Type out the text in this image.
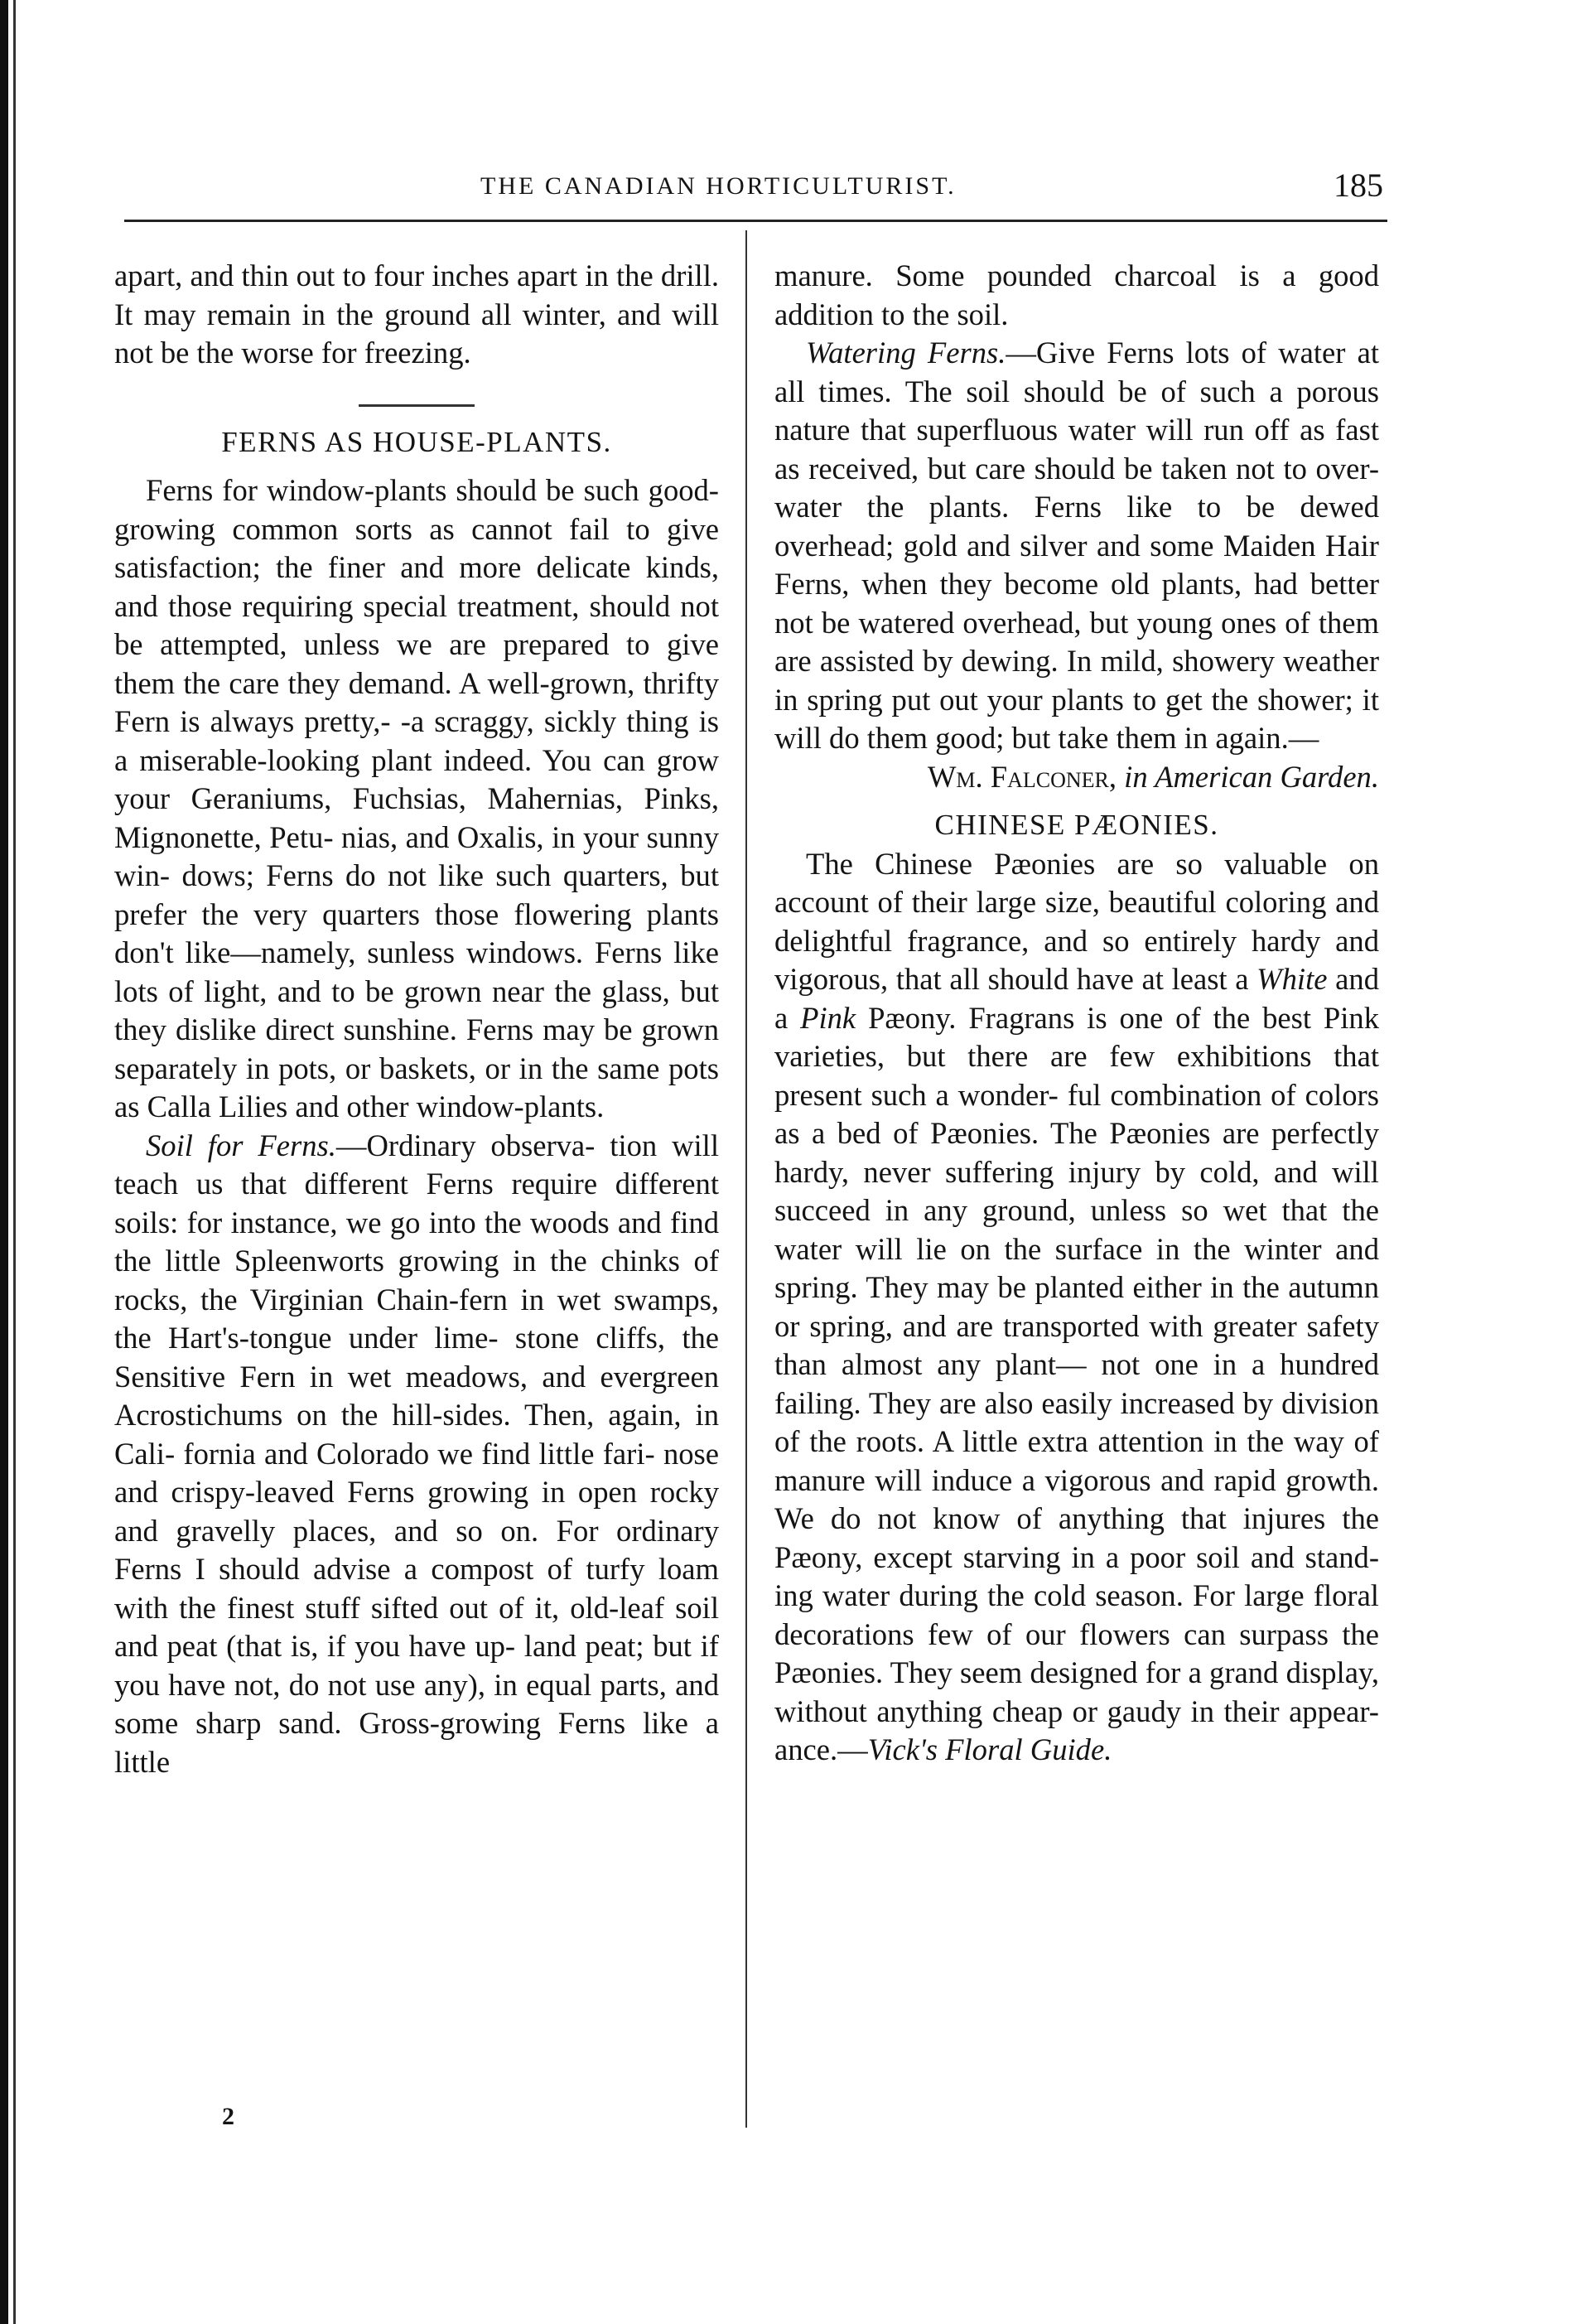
THE CANADIAN HORTICULTURIST.	185

apart, and thin out to four inches apart in the drill. It may remain in the ground all winter, and will not be the worse for freezing.

FERNS AS HOUSE-PLANTS.

Ferns for window-plants should be such good-growing common sorts as cannot fail to give satisfaction; the finer and more delicate kinds, and those requiring special treatment, should not be attempted, unless we are prepared to give them the care they demand. A well-grown, thrifty Fern is always pretty,- -a scraggy, sickly thing is a miserable-looking plant indeed. You can grow your Geraniums, Fuchsias, Mahernias, Pinks, Mignonette, Petu- nias, and Oxalis, in your sunny win- dows; Ferns do not like such quarters, but prefer the very quarters those flowering plants don't like—namely, sunless windows. Ferns like lots of light, and to be grown near the glass, but they dislike direct sunshine. Ferns may be grown separately in pots, or baskets, or in the same pots as Calla Lilies and other window-plants.

Soil for Ferns.—Ordinary observa- tion will teach us that different Ferns require different soils: for instance, we go into the woods and find the little Spleenworts growing in the chinks of rocks, the Virginian Chain-fern in wet swamps, the Hart's-tongue under lime- stone cliffs, the Sensitive Fern in wet meadows, and evergreen Acrostichums on the hill-sides. Then, again, in Cali- fornia and Colorado we find little fari- nose and crispy-leaved Ferns growing in open rocky and gravelly places, and so on. For ordinary Ferns I should advise a compost of turfy loam with the finest stuff sifted out of it, old-leaf soil and peat (that is, if you have up- land peat; but if you have not, do not use any), in equal parts, and some sharp sand. Gross-growing Ferns like a little

manure. Some pounded charcoal is a good addition to the soil.

Watering Ferns.—Give Ferns lots of water at all times. The soil should be of such a porous nature that superfluous water will run off as fast as received, but care should be taken not to over- water the plants. Ferns like to be dewed overhead; gold and silver and some Maiden Hair Ferns, when they become old plants, had better not be watered overhead, but young ones of them are assisted by dewing. In mild, showery weather in spring put out your plants to get the shower; it will do them good; but take them in again.—

Wm. Falconer, in American Garden.

CHINESE PÆONIES.

The Chinese Pæonies are so valuable on account of their large size, beautiful coloring and delightful fragrance, and so entirely hardy and vigorous, that all should have at least a White and a Pink Pæony. Fragrans is one of the best Pink varieties, but there are few exhibitions that present such a wonder- ful combination of colors as a bed of Pæonies. The Pæonies are perfectly hardy, never suffering injury by cold, and will succeed in any ground, unless so wet that the water will lie on the surface in the winter and spring. They may be planted either in the autumn or spring, and are transported with greater safety than almost any plant— not one in a hundred failing. They are also easily increased by division of the roots. A little extra attention in the way of manure will induce a vigorous and rapid growth. We do not know of anything that injures the Pæony, except starving in a poor soil and stand- ing water during the cold season. For large floral decorations few of our flowers can surpass the Pæonies. They seem designed for a grand display, without anything cheap or gaudy in their appear- ance.—Vick's Floral Guide.

2
